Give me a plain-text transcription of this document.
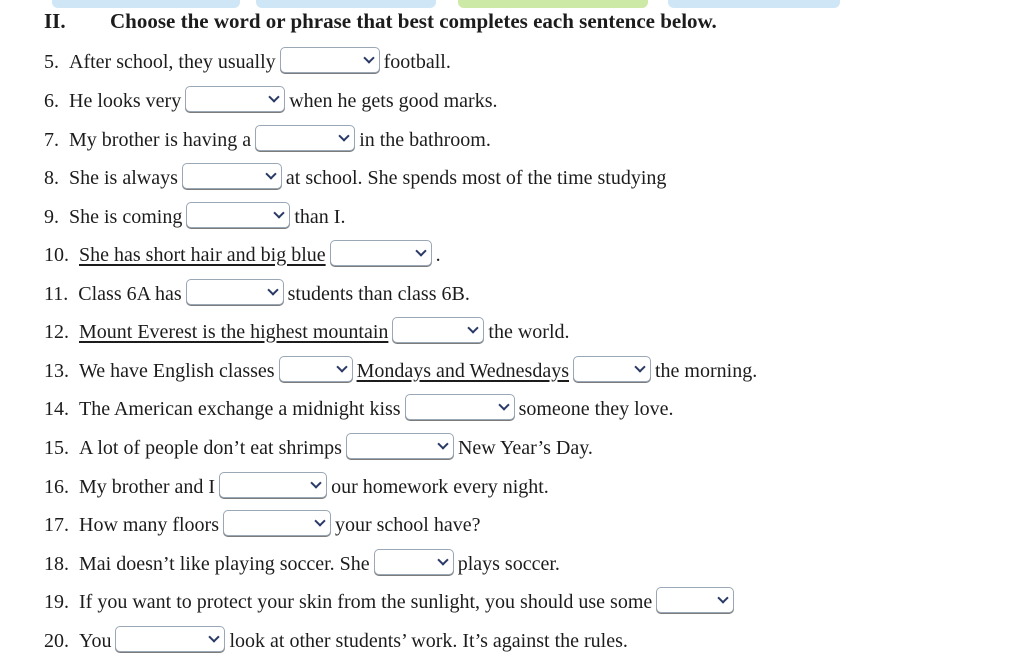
II. Choose the word or phrase that best completes each sentence below.
5. After school, they usually	football.
6. He looks very	when he gets good marks.
7. My brother is having a	in the bathroom.
8. She is always	at school. She spends most of the time studying
9. She is coming	than I.
10. She has short hair and big blue	.
11. Class 6A has	students than class 6B.
12. Mount Everest is the highest mountain	the world.
13. We have English classes	Mondays and Wednesdays	the morning.
14. The American exchange a midnight kiss	someone they love.
15. A lot of people don’t eat shrimps	New Year’s Day.
16. My brother and I	our homework every night.
17. How many floors	your school have?
18. Mai doesn’t like playing soccer. She	plays soccer.
19. If you want to protect your skin from the sunlight, you should use some
20. You	look at other students’ work. It’s against the rules.
